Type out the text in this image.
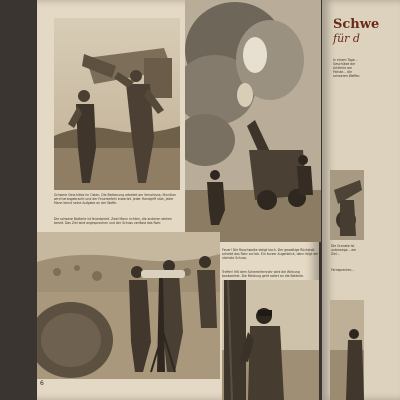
Schwere Geschütze im Osten. Die Bedienung arbeitet am Verschluss; Munition wird herangebracht und der Feuerbefehl erwartet. Jeder Handgriff sitzt, jeder Mann kennt seine Aufgabe an der Waffe.
Die schwere Batterie ist feuerbereit. Zwei Mann richten, die anderen stehen bereit. Das Ziel wird angesprochen und der Schuss verlässt das Rohr.
Feuer! Die Rauchwolke steigt hoch. Der gewaltige Rückstoß schiebt das Rohr zurück. Ein kurzer Augenblick, dann folgt der nächste Schuss.
Treffer! Mit dem Scherenfernrohr wird die Wirkung beobachtet. Die Meldung geht sofort an die Batterie.
6
Schwe
für d
In einem Tage... Geschütze der Artillerie am Feinde... die schweren Waffen.
Die Granate ist unterwegs... am Ziel...
Fernsprecher...
